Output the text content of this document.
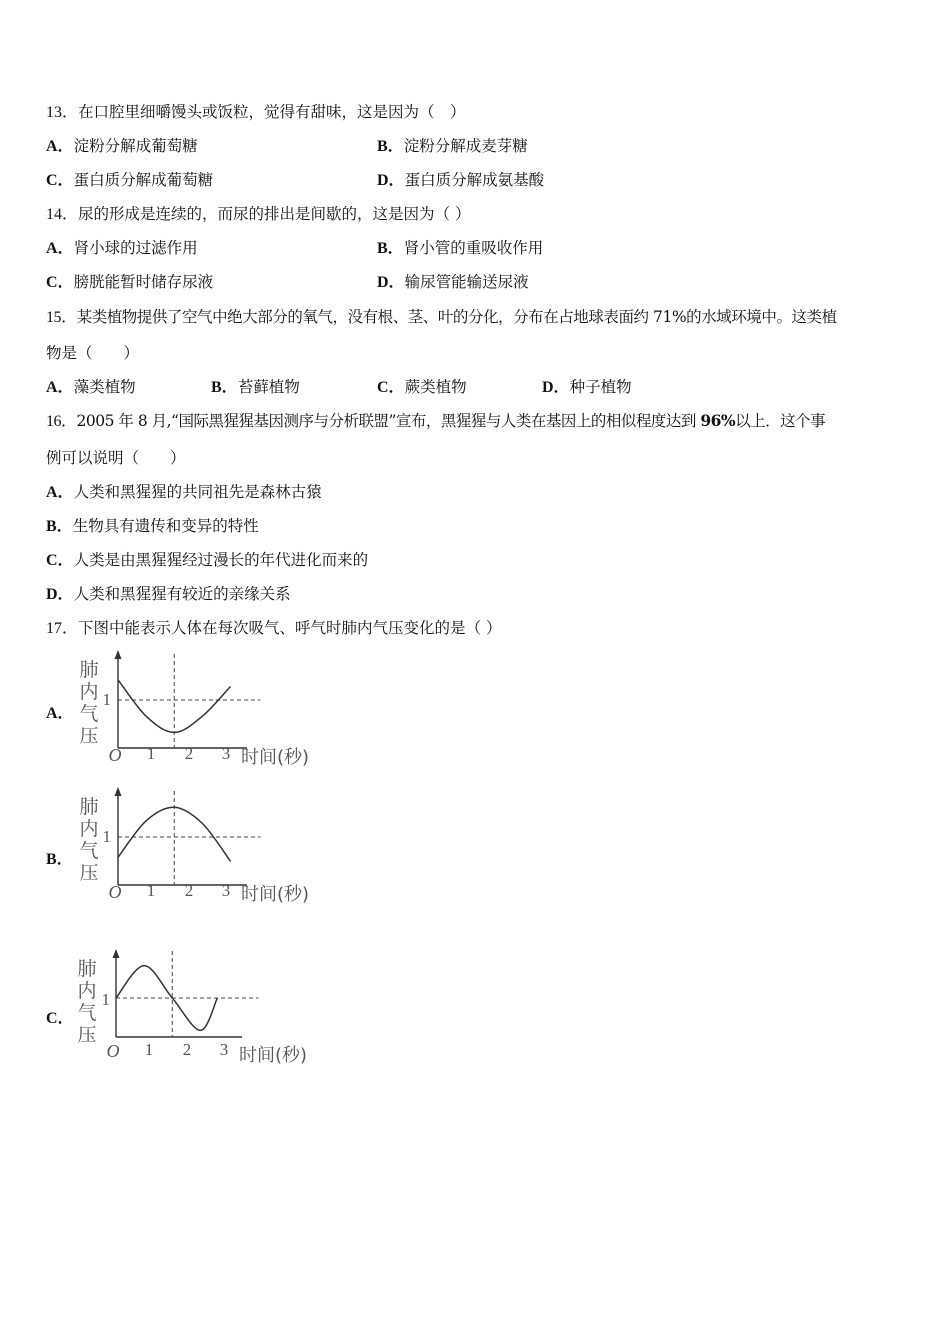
13．在口腔里细嚼馒头或饭粒，觉得有甜味，这是因为（　）
A．淀粉分解成葡萄糖	B．淀粉分解成麦芽糖
C．蛋白质分解成葡萄糖	D．蛋白质分解成氨基酸
14．尿的形成是连续的，而尿的排出是间歇的，这是因为（ ）
A．肾小球的过滤作用	B．肾小管的重吸收作用
C．膀胱能暂时储存尿液	D．输尿管能输送尿液
15．某类植物提供了空气中绝大部分的氧气，没有根、茎、叶的分化，分布在占地球表面约 71%的水域环境中。这类植
物是（　　）
A．藻类植物	B．苔藓植物	C．蕨类植物	D．种子植物
16．2005 年 8 月,“国际黑猩猩基因测序与分析联盟”宣布，黑猩猩与人类在基因上的相似程度达到 96%以上．这个事
例可以说明（　　）
A．人类和黑猩猩的共同祖先是森林古猿
B．生物具有遗传和变异的特性
C．人类是由黑猩猩经过漫长的年代进化而来的
D．人类和黑猩猩有较近的亲缘关系
17．下图中能表示人体在每次吸气、呼气时肺内气压变化的是（ ）
A．
B．
C．
肺
内
气
压
1
O 1 2 3 时间(秒)
肺
内
气
压
1
O 1 2 3 时间(秒)
肺
内
气
压
1
O 1 2 3 时间(秒)
